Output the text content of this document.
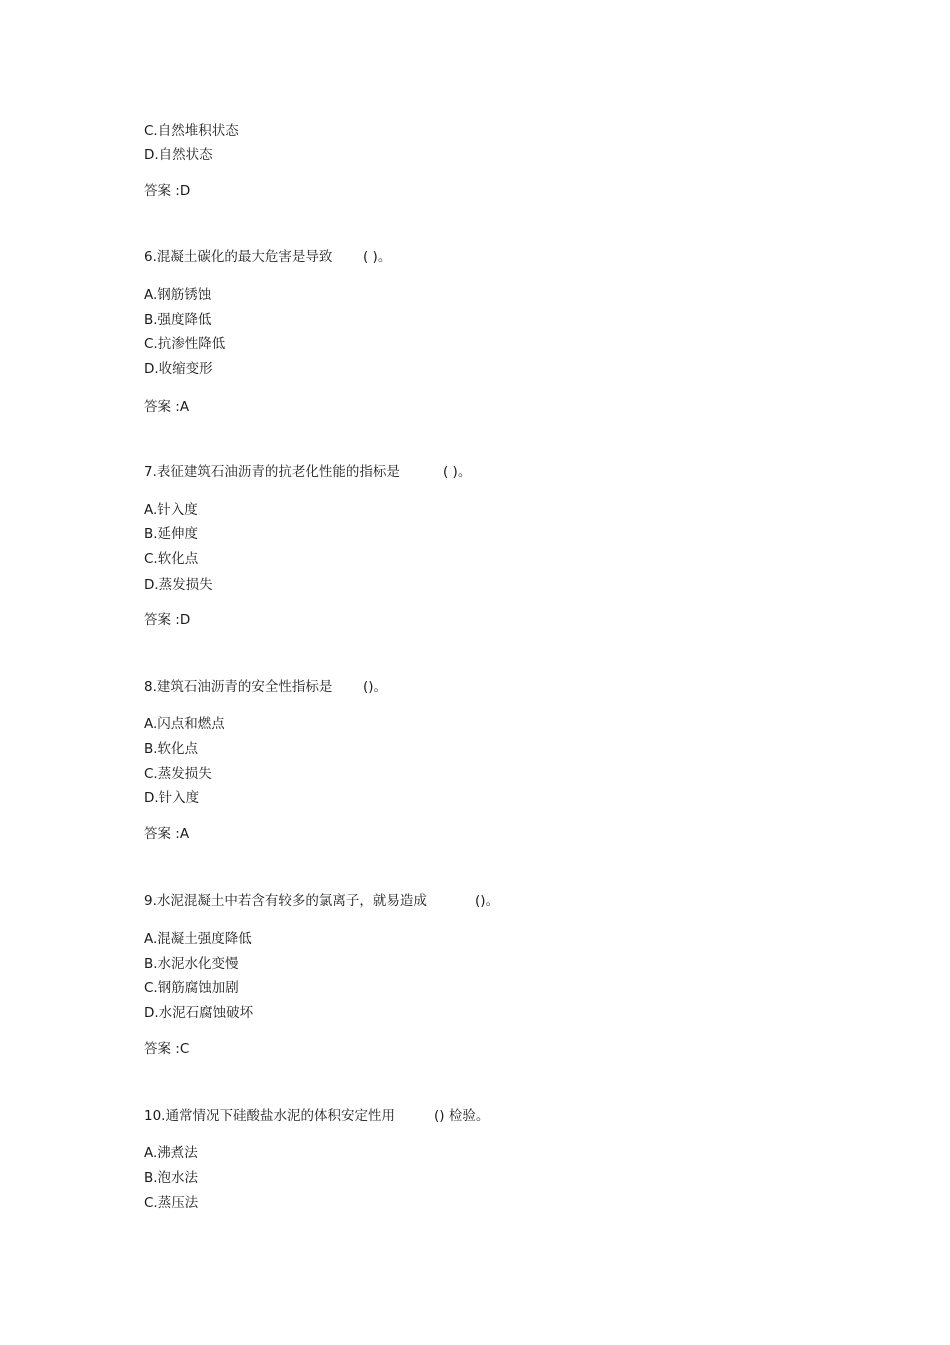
C.自然堆积状态
D.自然状态
答案 :D
6.混凝土碳化的最大危害是导致 ( )。
A.钢筋锈蚀
B.强度降低
C.抗渗性降低
D.收缩变形
答案 :A
7.表征建筑石油沥青的抗老化性能的指标是	( )。
A.针入度
B.延伸度
C.软化点
D.蒸发损失
答案 :D
8.建筑石油沥青的安全性指标是 ()。
A.闪点和燃点
B.软化点
C.蒸发损失
D.针入度
答案 :A
9.水泥混凝土中若含有较多的氯离子，就易造成	()。
A.混凝土强度降低
B.水泥水化变慢
C.钢筋腐蚀加剧
D.水泥石腐蚀破坏
答案 :C
10.通常情况下硅酸盐水泥的体积安定性用	() 检验。
A.沸煮法
B.泡水法
C.蒸压法
